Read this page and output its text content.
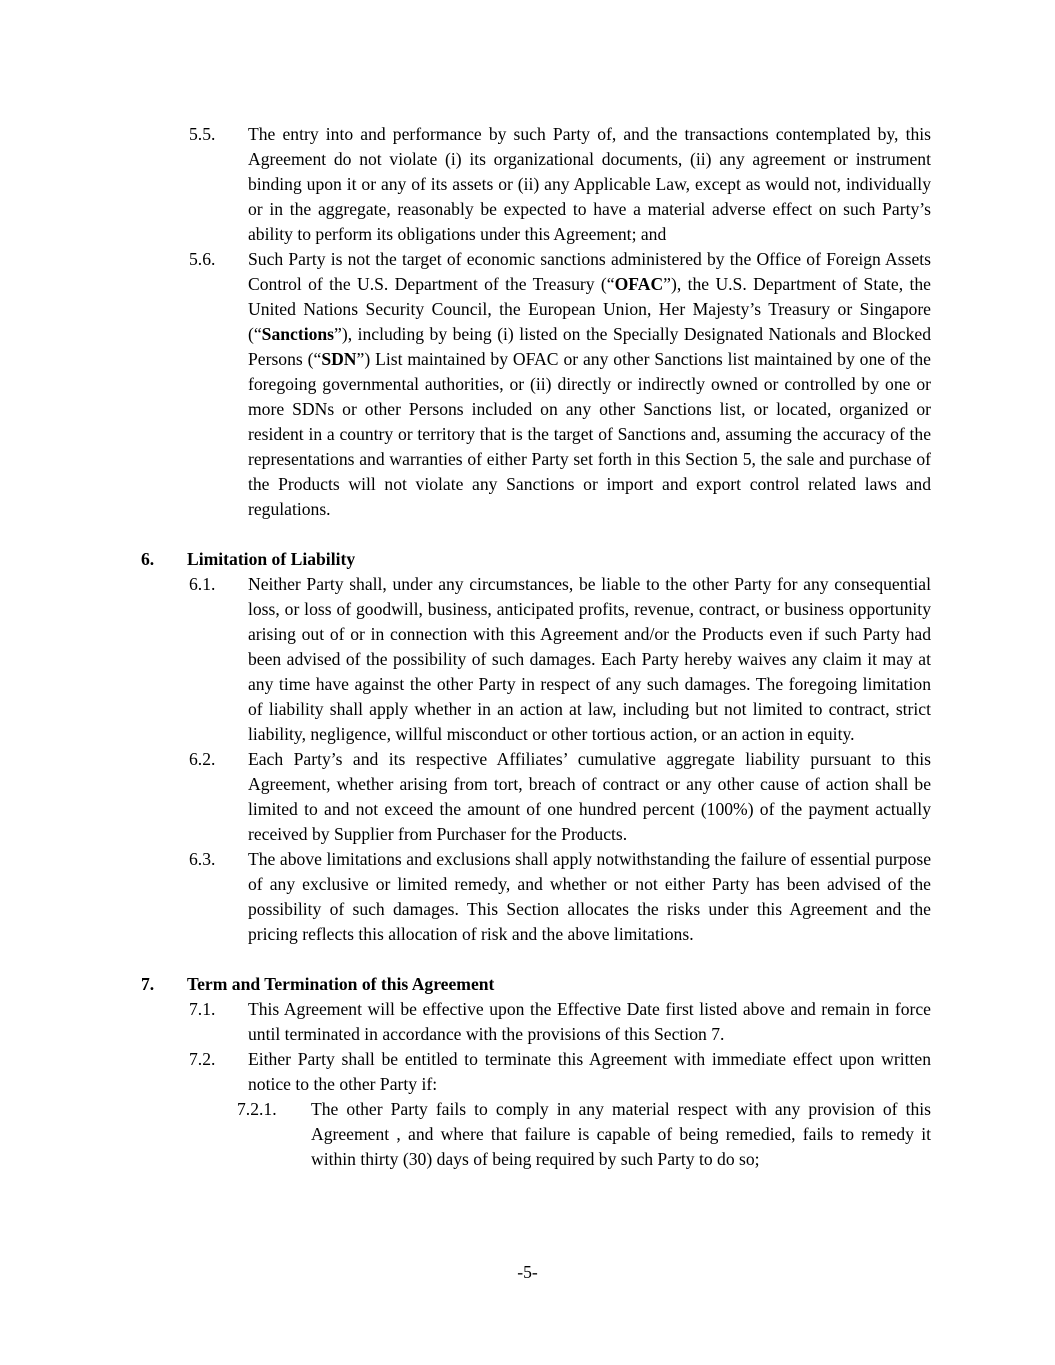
5.5. The entry into and performance by such Party of, and the transactions contemplated by, this Agreement do not violate (i) its organizational documents, (ii) any agreement or instrument binding upon it or any of its assets or (ii) any Applicable Law, except as would not, individually or in the aggregate, reasonably be expected to have a material adverse effect on such Party’s ability to perform its obligations under this Agreement; and
5.6. Such Party is not the target of economic sanctions administered by the Office of Foreign Assets Control of the U.S. Department of the Treasury (“OFAC”), the U.S. Department of State, the United Nations Security Council, the European Union, Her Majesty’s Treasury or Singapore (“Sanctions”), including by being (i) listed on the Specially Designated Nationals and Blocked Persons (“SDN”) List maintained by OFAC or any other Sanctions list maintained by one of the foregoing governmental authorities, or (ii) directly or indirectly owned or controlled by one or more SDNs or other Persons included on any other Sanctions list, or located, organized or resident in a country or territory that is the target of Sanctions and, assuming the accuracy of the representations and warranties of either Party set forth in this Section 5, the sale and purchase of the Products will not violate any Sanctions or import and export control related laws and regulations.
6. Limitation of Liability
6.1. Neither Party shall, under any circumstances, be liable to the other Party for any consequential loss, or loss of goodwill, business, anticipated profits, revenue, contract, or business opportunity arising out of or in connection with this Agreement and/or the Products even if such Party had been advised of the possibility of such damages. Each Party hereby waives any claim it may at any time have against the other Party in respect of any such damages. The foregoing limitation of liability shall apply whether in an action at law, including but not limited to contract, strict liability, negligence, willful misconduct or other tortious action, or an action in equity.
6.2. Each Party’s and its respective Affiliates’ cumulative aggregate liability pursuant to this Agreement, whether arising from tort, breach of contract or any other cause of action shall be limited to and not exceed the amount of one hundred percent (100%) of the payment actually received by Supplier from Purchaser for the Products.
6.3. The above limitations and exclusions shall apply notwithstanding the failure of essential purpose of any exclusive or limited remedy, and whether or not either Party has been advised of the possibility of such damages. This Section allocates the risks under this Agreement and the pricing reflects this allocation of risk and the above limitations.
7. Term and Termination of this Agreement
7.1. This Agreement will be effective upon the Effective Date first listed above and remain in force until terminated in accordance with the provisions of this Section 7.
7.2. Either Party shall be entitled to terminate this Agreement with immediate effect upon written notice to the other Party if:
7.2.1. The other Party fails to comply in any material respect with any provision of this Agreement , and where that failure is capable of being remedied, fails to remedy it within thirty (30) days of being required by such Party to do so;
-5-
